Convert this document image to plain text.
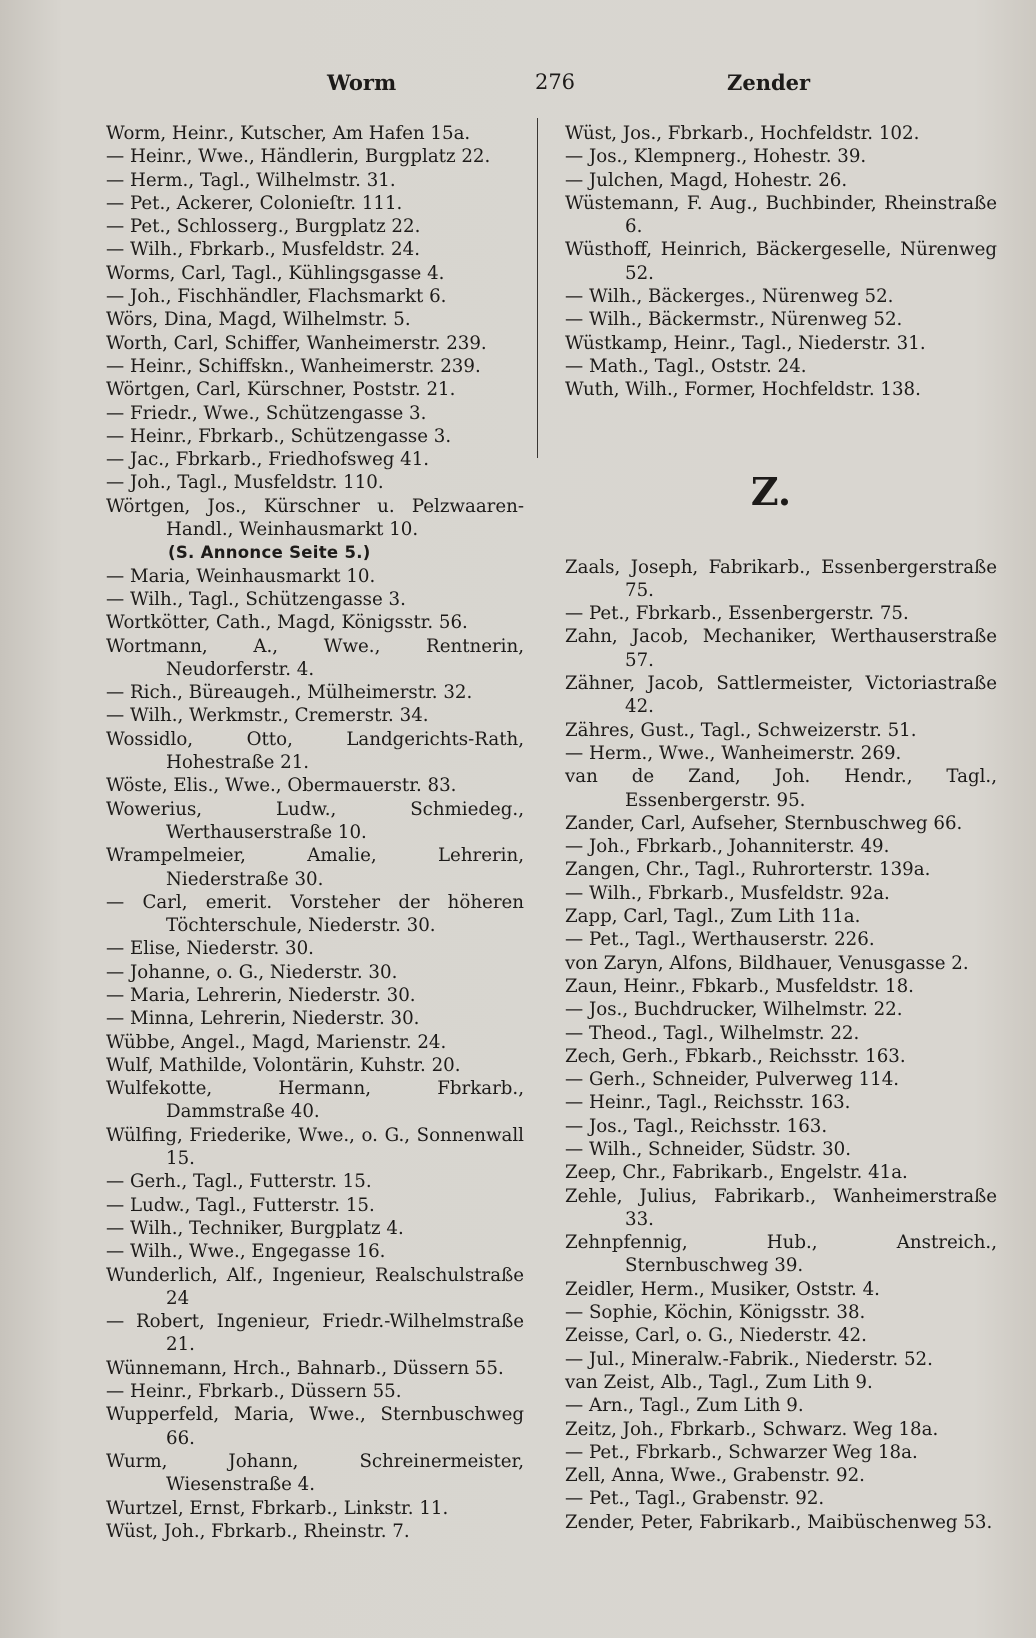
Worm	276	Zender
Worm, Heinr., Kutscher, Am Hafen 15a.
— Heinr., Wwe., Händlerin, Burgplatz 22.
— Herm., Tagl., Wilhelmstr. 31.
— Pet., Ackerer, Colonieſtr. 111.
— Pet., Schlosserg., Burgplatz 22.
— Wilh., Fbrkarb., Musfeldstr. 24.
Worms, Carl, Tagl., Kühlingsgasse 4.
— Joh., Fischhändler, Flachsmarkt 6.
Wörs, Dina, Magd, Wilhelmstr. 5.
Worth, Carl, Schiffer, Wanheimerstr. 239.
— Heinr., Schiffskn., Wanheimerstr. 239.
Wörtgen, Carl, Kürschner, Poststr. 21.
— Friedr., Wwe., Schützengasse 3.
— Heinr., Fbrkarb., Schützengasse 3.
— Jac., Fbrkarb., Friedhofsweg 41.
— Joh., Tagl., Musfeldstr. 110.
Wörtgen, Jos., Kürschner u. Pelzwaaren-Handl., Weinhausmarkt 10.
(S. Annonce Seite 5.)
— Maria, Weinhausmarkt 10.
— Wilh., Tagl., Schützengasse 3.
Wortkötter, Cath., Magd, Königsstr. 56.
Wortmann, A., Wwe., Rentnerin, Neudorferstr. 4.
— Rich., Büreaugeh., Mülheimerstr. 32.
— Wilh., Werkmstr., Cremerstr. 34.
Wossidlo, Otto, Landgerichts-Rath, Hohestraße 21.
Wöste, Elis., Wwe., Obermauerstr. 83.
Wowerius, Ludw., Schmiedeg., Werthauserstraße 10.
Wrampelmeier, Amalie, Lehrerin, Niederstraße 30.
— Carl, emerit. Vorsteher der höheren Töchterschule, Niederstr. 30.
— Elise, Niederstr. 30.
— Johanne, o. G., Niederstr. 30.
— Maria, Lehrerin, Niederstr. 30.
— Minna, Lehrerin, Niederstr. 30.
Wübbe, Angel., Magd, Marienstr. 24.
Wulf, Mathilde, Volontärin, Kuhstr. 20.
Wulfekotte, Hermann, Fbrkarb., Dammstraße 40.
Wülfing, Friederike, Wwe., o. G., Sonnenwall 15.
— Gerh., Tagl., Futterstr. 15.
— Ludw., Tagl., Futterstr. 15.
— Wilh., Techniker, Burgplatz 4.
— Wilh., Wwe., Engegasse 16.
Wunderlich, Alf., Ingenieur, Realschulstraße 24
— Robert, Ingenieur, Friedr.-Wilhelmstraße 21.
Wünnemann, Hrch., Bahnarb., Düssern 55.
— Heinr., Fbrkarb., Düssern 55.
Wupperfeld, Maria, Wwe., Sternbuschweg 66.
Wurm, Johann, Schreinermeister, Wiesenstraße 4.
Wurtzel, Ernst, Fbrkarb., Linkstr. 11.
Wüst, Joh., Fbrkarb., Rheinstr. 7.
Wüst, Jos., Fbrkarb., Hochfeldstr. 102.
— Jos., Klempnerg., Hohestr. 39.
— Julchen, Magd, Hohestr. 26.
Wüstemann, F. Aug., Buchbinder, Rheinstraße 6.
Wüsthoff, Heinrich, Bäckergeselle, Nürenweg 52.
— Wilh., Bäckerges., Nürenweg 52.
— Wilh., Bäckermstr., Nürenweg 52.
Wüstkamp, Heinr., Tagl., Niederstr. 31.
— Math., Tagl., Oststr. 24.
Wuth, Wilh., Former, Hochfeldstr. 138.
Z.
Zaals, Joseph, Fabrikarb., Essenbergerstraße 75.
— Pet., Fbrkarb., Essenbergerstr. 75.
Zahn, Jacob, Mechaniker, Werthauserstraße 57.
Zähner, Jacob, Sattlermeister, Victoriastraße 42.
Zähres, Gust., Tagl., Schweizerstr. 51.
— Herm., Wwe., Wanheimerstr. 269.
van de Zand, Joh. Hendr., Tagl., Essenbergerstr. 95.
Zander, Carl, Aufseher, Sternbuschweg 66.
— Joh., Fbrkarb., Johanniterstr. 49.
Zangen, Chr., Tagl., Ruhrorterstr. 139a.
— Wilh., Fbrkarb., Musfeldstr. 92a.
Zapp, Carl, Tagl., Zum Lith 11a.
— Pet., Tagl., Werthauserstr. 226.
von Zaryn, Alfons, Bildhauer, Venusgasse 2.
Zaun, Heinr., Fbkarb., Musfeldstr. 18.
— Jos., Buchdrucker, Wilhelmstr. 22.
— Theod., Tagl., Wilhelmstr. 22.
Zech, Gerh., Fbkarb., Reichsstr. 163.
— Gerh., Schneider, Pulverweg 114.
— Heinr., Tagl., Reichsstr. 163.
— Jos., Tagl., Reichsstr. 163.
— Wilh., Schneider, Südstr. 30.
Zeep, Chr., Fabrikarb., Engelstr. 41a.
Zehle, Julius, Fabrikarb., Wanheimerstraße 33.
Zehnpfennig, Hub., Anstreich., Sternbuschweg 39.
Zeidler, Herm., Musiker, Oststr. 4.
— Sophie, Köchin, Königsstr. 38.
Zeisse, Carl, o. G., Niederstr. 42.
— Jul., Mineralw.-Fabrik., Niederstr. 52.
van Zeist, Alb., Tagl., Zum Lith 9.
— Arn., Tagl., Zum Lith 9.
Zeitz, Joh., Fbrkarb., Schwarz. Weg 18a.
— Pet., Fbrkarb., Schwarzer Weg 18a.
Zell, Anna, Wwe., Grabenstr. 92.
— Pet., Tagl., Grabenstr. 92.
Zender, Peter, Fabrikarb., Maibüschenweg 53.
